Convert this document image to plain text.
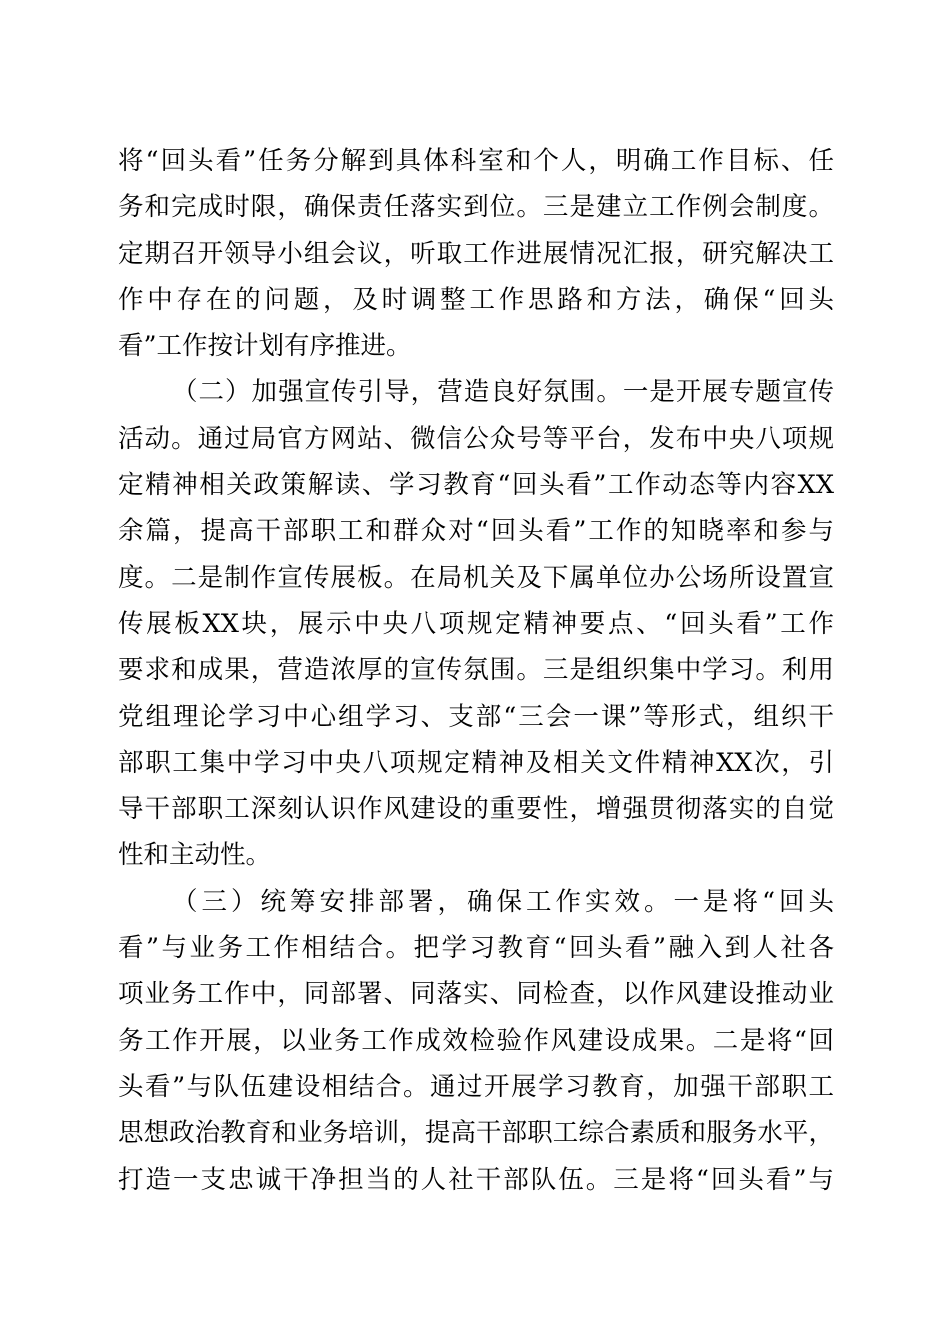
将“回头看”任务分解到具体科室和个人，明确工作目标、任
务和完成时限，确保责任落实到位。三是建立工作例会制度。
定期召开领导小组会议，听取工作进展情况汇报，研究解决工
作中存在的问题，及时调整工作思路和方法，确保“回头
看”工作按计划有序推进。
（二）加强宣传引导，营造良好氛围。一是开展专题宣传
活动。通过局官方网站、微信公众号等平台，发布中央八项规
定精神相关政策解读、学习教育“回头看”工作动态等内容XX
余篇，提高干部职工和群众对“回头看”工作的知晓率和参与
度。二是制作宣传展板。在局机关及下属单位办公场所设置宣
传展板XX块，展示中央八项规定精神要点、“回头看”工作
要求和成果，营造浓厚的宣传氛围。三是组织集中学习。利用
党组理论学习中心组学习、支部“三会一课”等形式，组织干
部职工集中学习中央八项规定精神及相关文件精神XX次，引
导干部职工深刻认识作风建设的重要性，增强贯彻落实的自觉
性和主动性。
（三）统筹安排部署，确保工作实效。一是将“回头
看”与业务工作相结合。把学习教育“回头看”融入到人社各
项业务工作中，同部署、同落实、同检查，以作风建设推动业
务工作开展，以业务工作成效检验作风建设成果。二是将“回
头看”与队伍建设相结合。通过开展学习教育，加强干部职工
思想政治教育和业务培训，提高干部职工综合素质和服务水平，
打造一支忠诚干净担当的人社干部队伍。三是将“回头看”与
